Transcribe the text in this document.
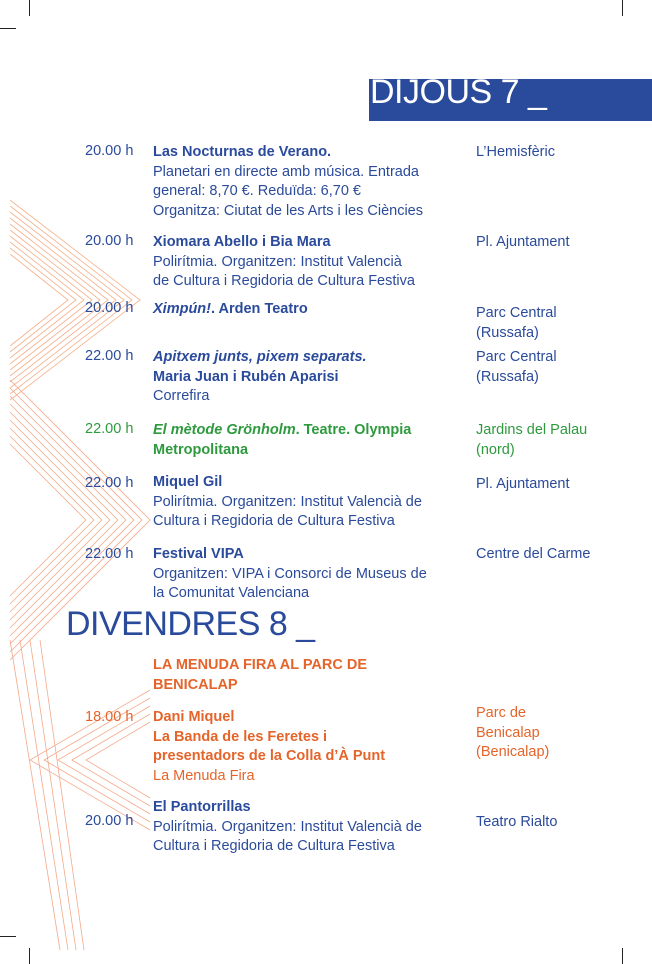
DIJOUS 7 _
20.00 h Las Nocturnas de Verano.
Planetari en directe amb música. Entrada
general: 8,70 €. Reduïda: 6,70 €
Organitza: Ciutat de les Arts i les Ciències
L’Hemisfèric
20.00 h Xiomara Abello i Bia Mara
Polirítmia. Organitzen: Institut Valencià
de Cultura i Regidoria de Cultura Festiva
Pl. Ajuntament
20.00 h Ximpún!. Arden Teatro	Parc Central
(Russafa)
22.00 h Apitxem junts, pixem separats.
Maria Juan i Rubén Aparisi
Correfira
Parc Central
(Russafa)
22.00 h El mètode Grönholm. Teatre. Olympia
Metropolitana
Jardins del Palau
(nord)
22.00 h Miquel Gil
Polirítmia. Organitzen: Institut Valencià de
Cultura i Regidoria de Cultura Festiva
Pl. Ajuntament
22.00 h Festival VIPA
Organitzen: VIPA i Consorci de Museus de
la Comunitat Valenciana
Centre del Carme
DIVENDRES 8 _
LA MENUDA FIRA AL PARC DE
BENICALAP
18.00 h Dani Miquel
La Banda de les Feretes i
presentadors de la Colla d’À Punt
La Menuda Fira
Parc de
Benicalap
(Benicalap)
20.00 h
El Pantorrillas
Polirítmia. Organitzen: Institut Valencià de
Cultura i Regidoria de Cultura Festiva
Teatro Rialto
